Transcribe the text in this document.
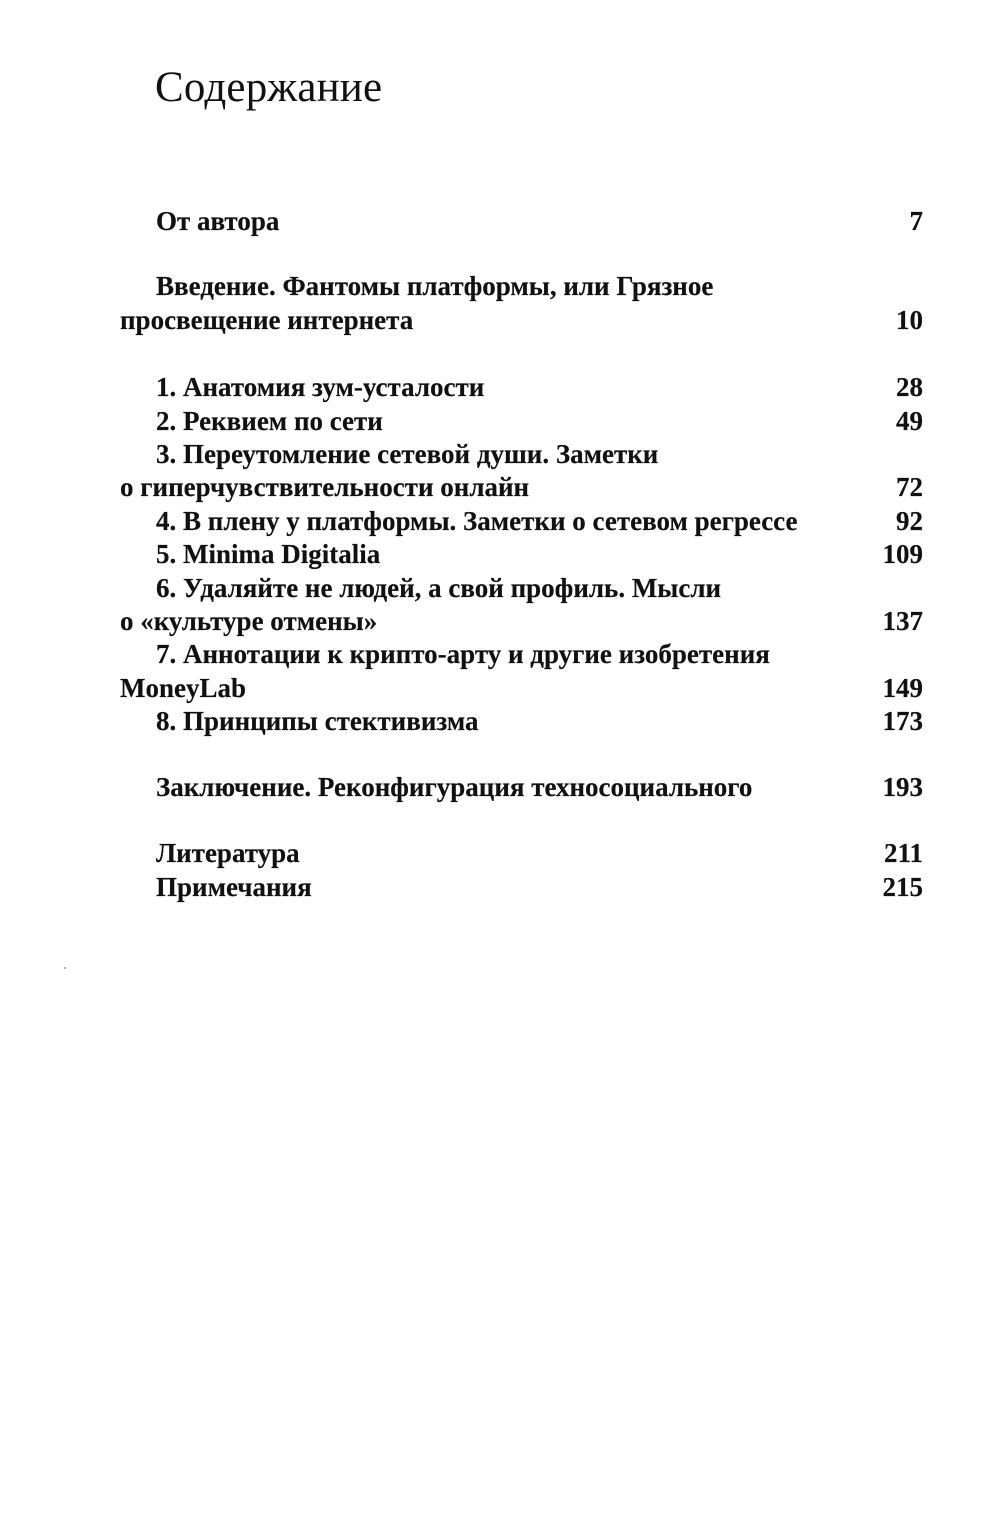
Содержание
От автора	7
Введение. Фантомы платформы, или Грязное
просвещение интернета	10
1. Анатомия зум-усталости	28
2. Реквием по сети	49
3. Переутомление сетевой души. Заметки
о гиперчувствительности онлайн	72
4. В плену у платформы. Заметки о сетевом регрессе	92
5. Minima Digitalia	109
6. Удаляйте не людей, а свой профиль. Мысли
о «культуре отмены»	137
7. Аннотации к крипто-арту и другие изобретения
MoneyLab	149
8. Принципы стективизма	173
Заключение. Реконфигурация техносоциального	193
Литература	211
Примечания	215
